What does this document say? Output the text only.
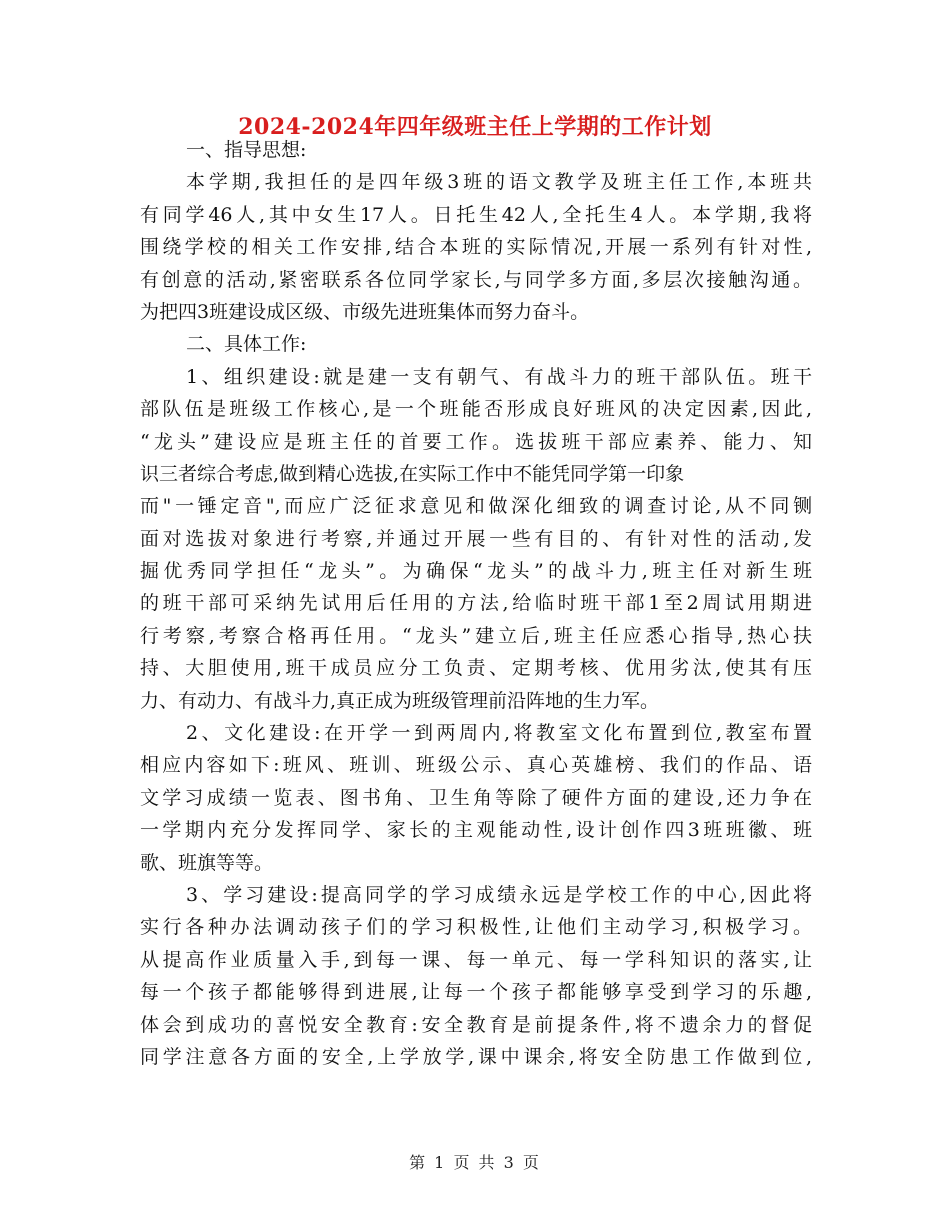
2024-2024年四年级班主任上学期的工作计划
一、指导思想:
本学期,我担任的是四年级3班的语文教学及班主任工作,本班共
有同学46人,其中女生17人。日托生42人,全托生4人。本学期,我将
围绕学校的相关工作安排,结合本班的实际情况,开展一系列有针对性,
有创意的活动,紧密联系各位同学家长,与同学多方面,多层次接触沟通。
为把四3班建设成区级、市级先进班集体而努力奋斗。
二、具体工作:
1、组织建设:就是建一支有朝气、有战斗力的班干部队伍。班干
部队伍是班级工作核心,是一个班能否形成良好班风的决定因素,因此,
“龙头”建设应是班主任的首要工作。选拔班干部应素养、能力、知
识三者综合考虑,做到精心选拔,在实际工作中不能凭同学第一印象
而"一锤定音",而应广泛征求意见和做深化细致的调查讨论,从不同铡
面对选拔对象进行考察,并通过开展一些有目的、有针对性的活动,发
掘优秀同学担任“龙头”。为确保“龙头”的战斗力,班主任对新生班
的班干部可采纳先试用后任用的方法,给临时班干部1至2周试用期进
行考察,考察合格再任用。“龙头”建立后,班主任应悉心指导,热心扶
持、大胆使用,班干成员应分工负责、定期考核、优用劣汰,使其有压
力、有动力、有战斗力,真正成为班级管理前沿阵地的生力军。
2、文化建设:在开学一到两周内,将教室文化布置到位,教室布置
相应内容如下:班风、班训、班级公示、真心英雄榜、我们的作品、语
文学习成绩一览表、图书角、卫生角等除了硬件方面的建设,还力争在
一学期内充分发挥同学、家长的主观能动性,设计创作四3班班徽、班
歌、班旗等等。
3、学习建设:提高同学的学习成绩永远是学校工作的中心,因此将
实行各种办法调动孩子们的学习积极性,让他们主动学习,积极学习。
从提高作业质量入手,到每一课、每一单元、每一学科知识的落实,让
每一个孩子都能够得到进展,让每一个孩子都能够享受到学习的乐趣,
体会到成功的喜悦安全教育:安全教育是前提条件,将不遗余力的督促
同学注意各方面的安全,上学放学,课中课余,将安全防患工作做到位,
第 1 页 共 3 页
